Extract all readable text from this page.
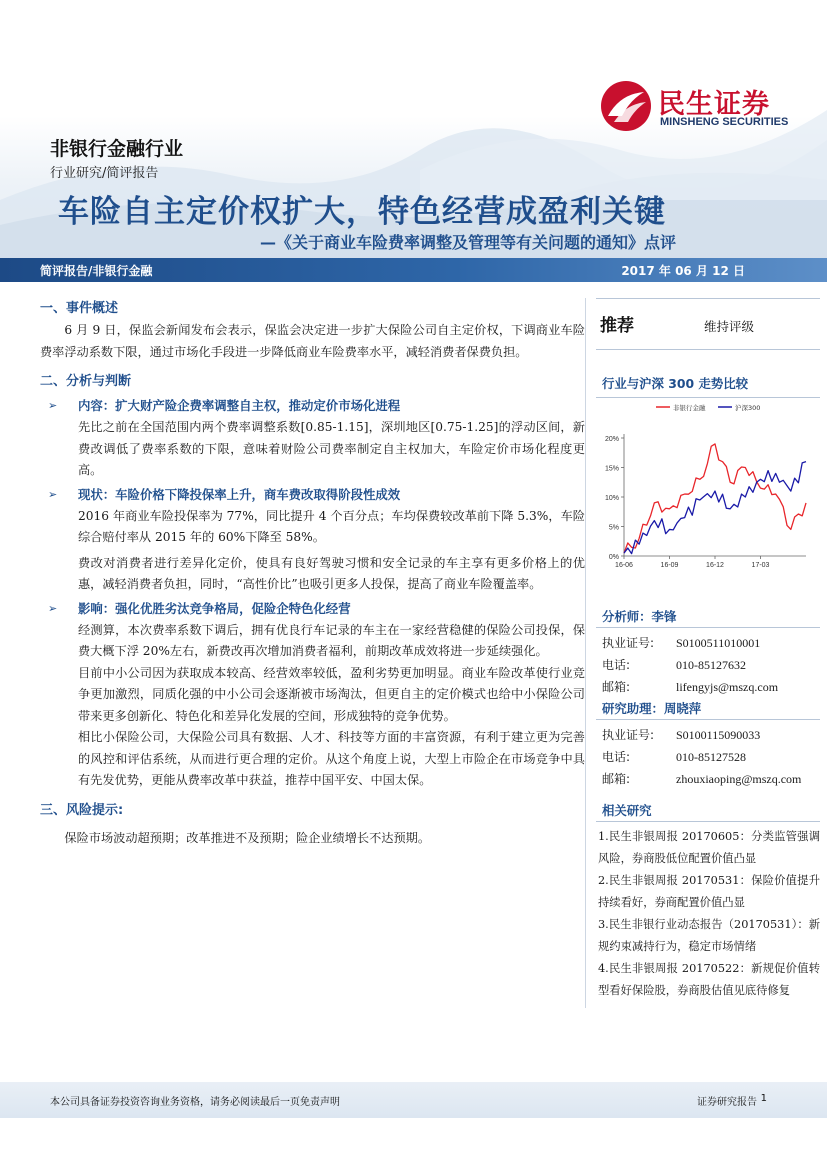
民生证券
MINSHENG SECURITIES
非银行金融行业
行业研究/简评报告
车险自主定价权扩大，特色经营成盈利关键
—《关于商业车险费率调整及管理等有关问题的通知》点评
简评报告/非银行金融	2017 年 06 月 12 日
一、事件概述

6 月 9 日，保监会新闻发布会表示，保监会决定进一步扩大保险公司自主定价权，下调商业车险费率浮动系数下限，通过市场化手段进一步降低商业车险费率水平，减轻消费者保费负担。

二、分析与判断
➢ 内容：扩大财产险企费率调整自主权，推动定价市场化进程

先比之前在全国范围内两个费率调整系数[0.85-1.15]，深圳地区[0.75-1.25]的浮动区间，新费改调低了费率系数的下限，意味着财险公司费率制定自主权加大，车险定价市场化程度更高。

➢ 现状：车险价格下降投保率上升，商车费改取得阶段性成效

2016 年商业车险投保率为 77%，同比提升 4 个百分点；车均保费较改革前下降 5.3%，车险综合赔付率从 2015 年的 60%下降至 58%。

费改对消费者进行差异化定价，使具有良好驾驶习惯和安全记录的车主享有更多价格上的优惠，减轻消费者负担，同时，“高性价比”也吸引更多人投保，提高了商业车险覆盖率。

➢ 影响：强化优胜劣汰竞争格局，促险企特色化经营

经测算，本次费率系数下调后，拥有优良行车记录的车主在一家经营稳健的保险公司投保，保费大概下浮 20%左右，新费改再次增加消费者福利，前期改革成效将进一步延续强化。

目前中小公司因为获取成本较高、经营效率较低，盈利劣势更加明显。商业车险改革使行业竞争更加激烈，同质化强的中小公司会逐渐被市场淘汰，但更自主的定价模式也给中小保险公司带来更多创新化、特色化和差异化发展的空间，形成独特的竞争优势。

相比小保险公司，大保险公司具有数据、人才、科技等方面的丰富资源，有利于建立更为完善的风控和评估系统，从而进行更合理的定价。从这个角度上说，大型上市险企在市场竞争中具有先发优势，更能从费率改革中获益，推荐中国平安、中国太保。

三、风险提示:

保险市场波动超预期；改革推进不及预期；险企业绩增长不达预期。

推荐	维持评级
行业与沪深 300 走势比较
0%
5%
10%
15%
20%
16-06	16-09	16-12	17-03
非银行金融	沪深300
分析师：李锋
执业证号: S0100511010001
电话:	010-85127632
邮箱:	lifengyjs@mszq.com
研究助理：周晓萍
执业证号: S0100115090033
电话:	010-85127528
邮箱:	zhouxiaoping@mszq.com
相关研究
1.民生非银周报 20170605：分类监管强调风险，券商股低位配置价值凸显
2.民生非银周报 20170531：保险价值提升持续看好，券商配置价值凸显
3.民生非银行业动态报告（20170531）：新规约束减持行为，稳定市场情绪
4.民生非银周报 20170522：新规促价值转型看好保险股，券商股估值见底待修复
本公司具备证券投资咨询业务资格，请务必阅读最后一页免责声明	证券研究报告 1
